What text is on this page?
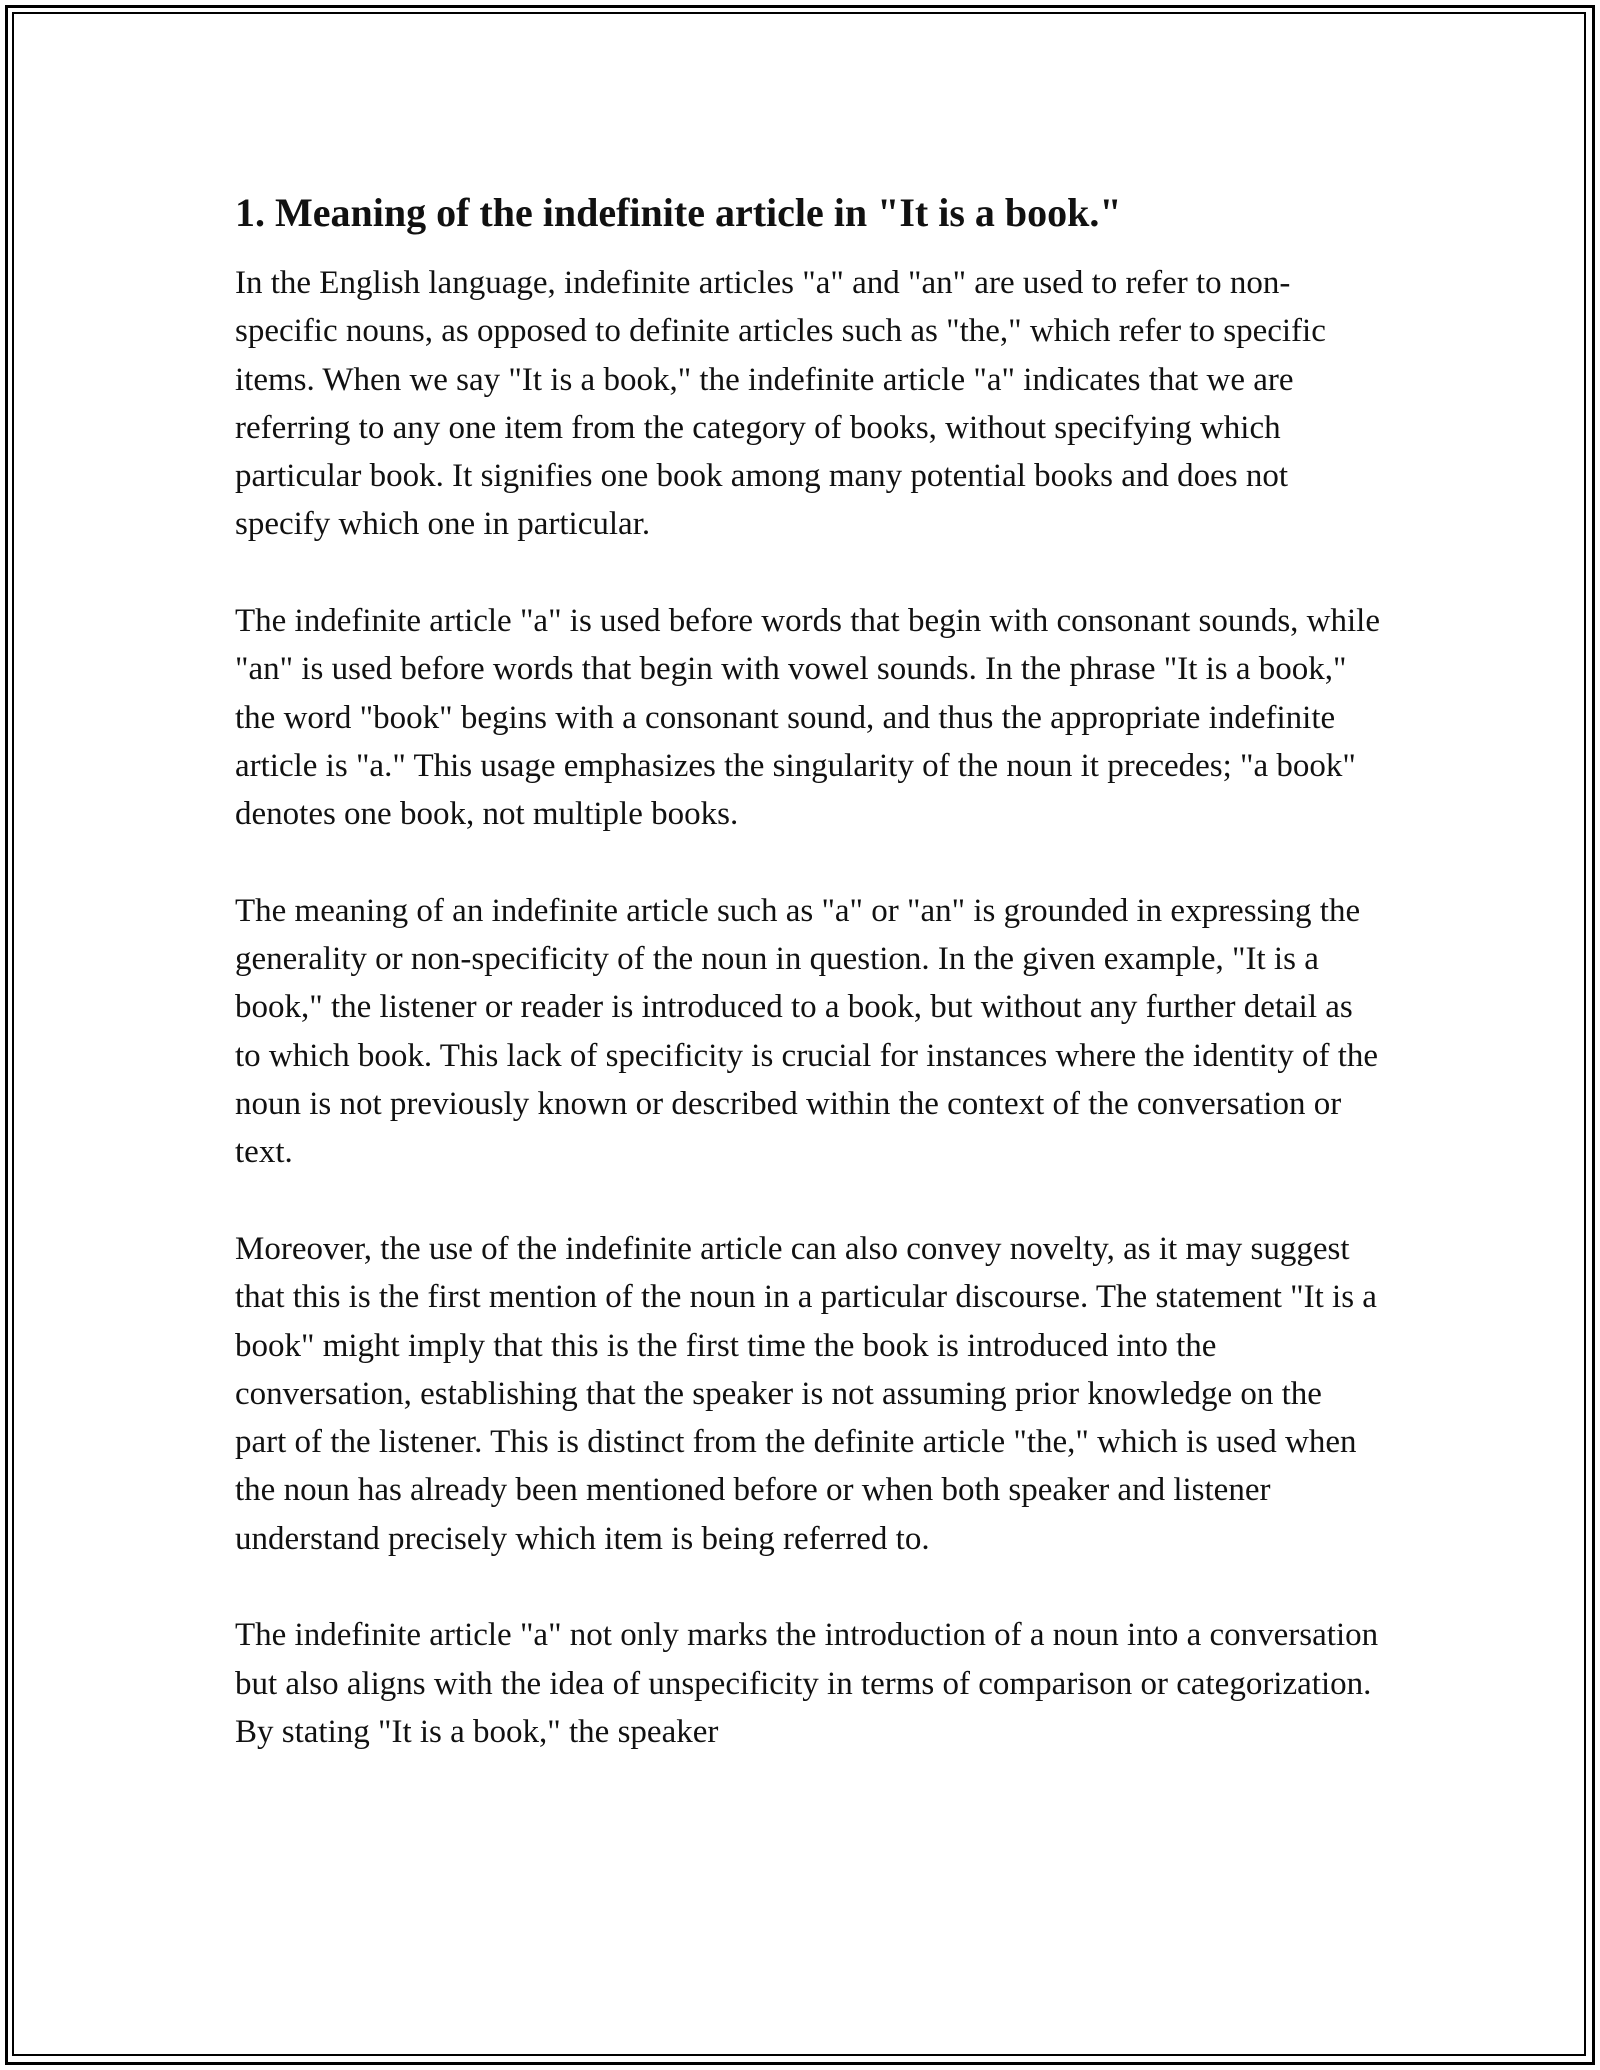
1. Meaning of the indefinite article in "It is a book."

In the English language, indefinite articles "a" and "an" are used to refer to non-specific nouns, as opposed to definite articles such as "the," which refer to specific items. When we say "It is a book," the indefinite article "a" indicates that we are referring to any one item from the category of books, without specifying which particular book. It signifies one book among many potential books and does not specify which one in particular.

The indefinite article "a" is used before words that begin with consonant sounds, while "an" is used before words that begin with vowel sounds. In the phrase "It is a book," the word "book" begins with a consonant sound, and thus the appropriate indefinite article is "a." This usage emphasizes the singularity of the noun it precedes; "a book" denotes one book, not multiple books.

The meaning of an indefinite article such as "a" or "an" is grounded in expressing the generality or non-specificity of the noun in question. In the given example, "It is a book," the listener or reader is introduced to a book, but without any further detail as to which book. This lack of specificity is crucial for instances where the identity of the noun is not previously known or described within the context of the conversation or text.

Moreover, the use of the indefinite article can also convey novelty, as it may suggest that this is the first mention of the noun in a particular discourse. The statement "It is a book" might imply that this is the first time the book is introduced into the conversation, establishing that the speaker is not assuming prior knowledge on the part of the listener. This is distinct from the definite article "the," which is used when the noun has already been mentioned before or when both speaker and listener understand precisely which item is being referred to.

The indefinite article "a" not only marks the introduction of a noun into a conversation but also aligns with the idea of unspecificity in terms of comparison or categorization. By stating "It is a book," the speaker
